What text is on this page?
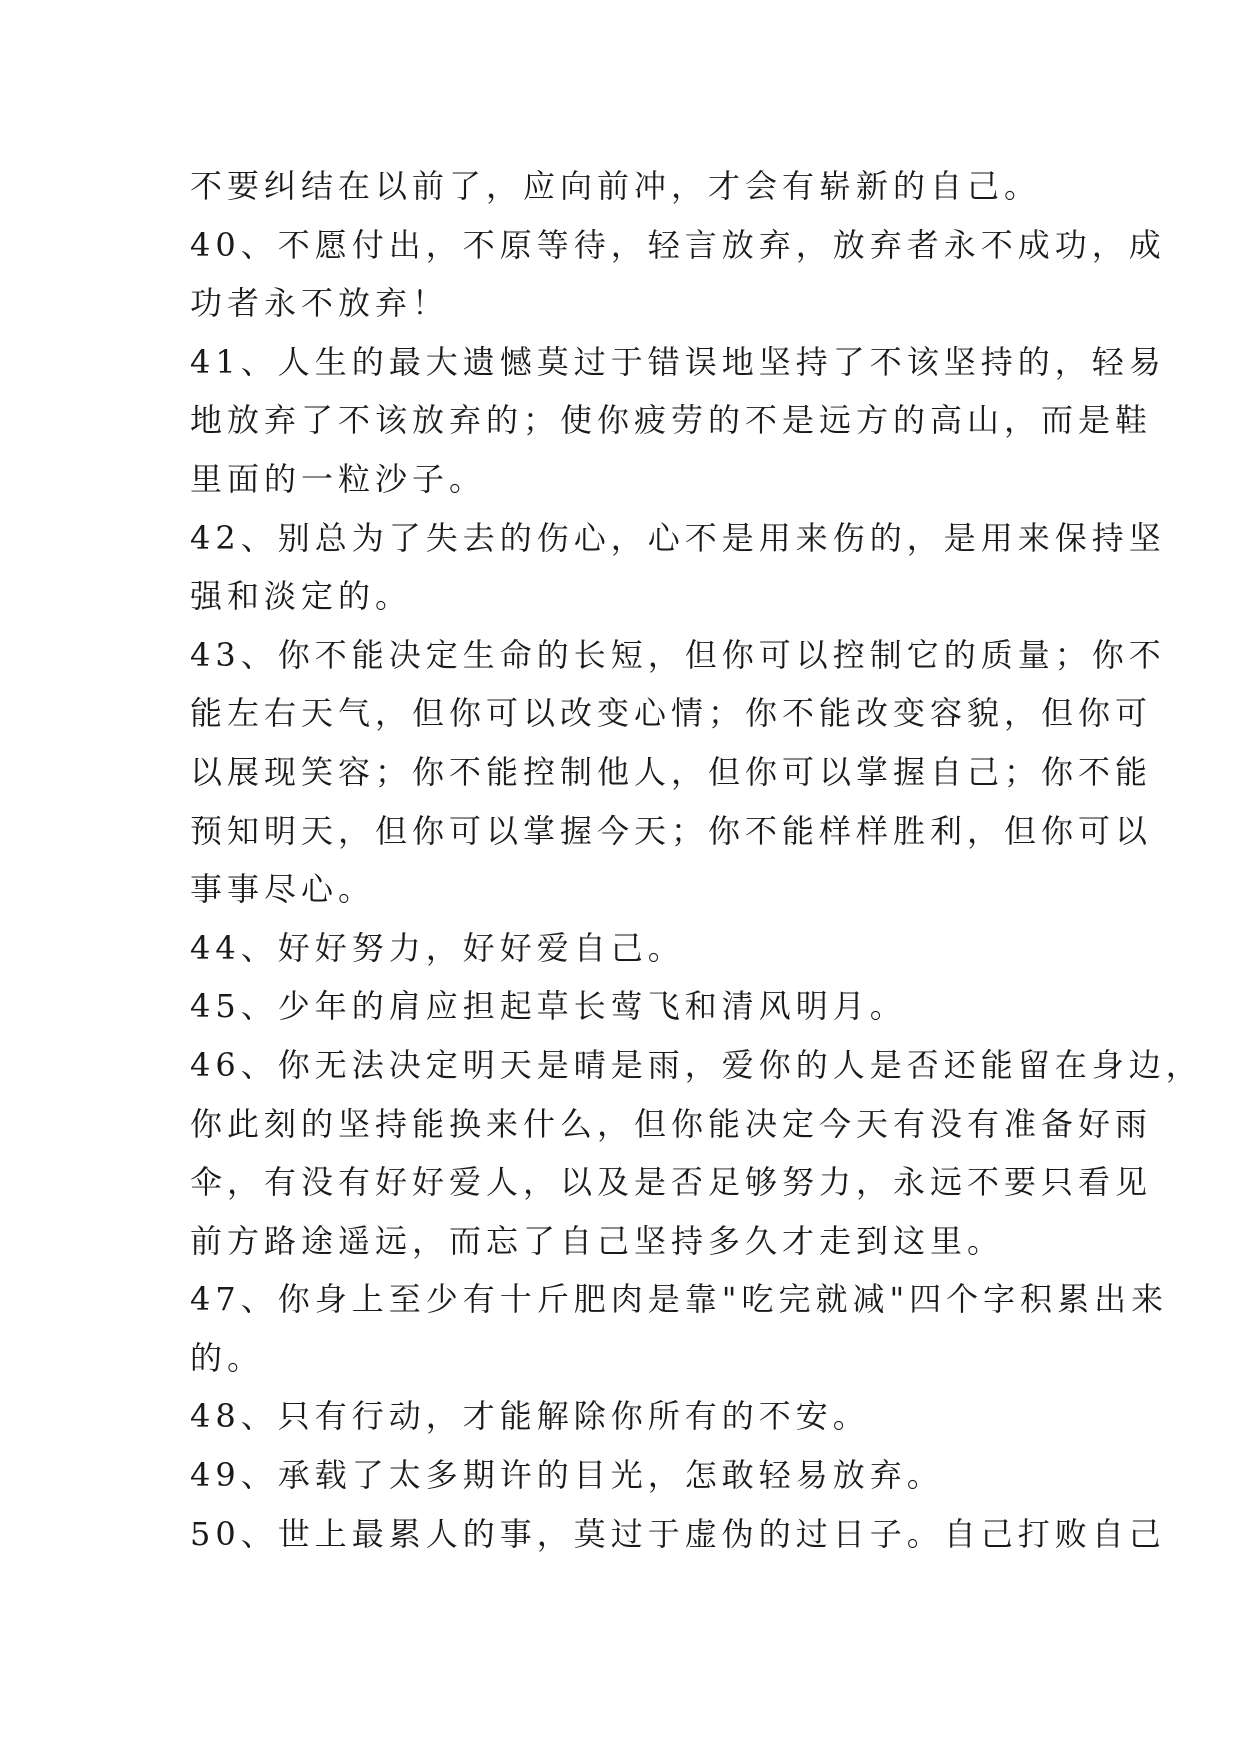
不要纠结在以前了，应向前冲，才会有崭新的自己。
40、不愿付出，不原等待，轻言放弃，放弃者永不成功，成
功者永不放弃！
41、人生的最大遗憾莫过于错误地坚持了不该坚持的，轻易
地放弃了不该放弃的；使你疲劳的不是远方的高山，而是鞋
里面的一粒沙子。
42、别总为了失去的伤心，心不是用来伤的，是用来保持坚
强和淡定的。
43、你不能决定生命的长短，但你可以控制它的质量；你不
能左右天气，但你可以改变心情；你不能改变容貌，但你可
以展现笑容；你不能控制他人，但你可以掌握自己；你不能
预知明天，但你可以掌握今天；你不能样样胜利，但你可以
事事尽心。
44、好好努力，好好爱自己。
45、少年的肩应担起草长莺飞和清风明月。
46、你无法决定明天是晴是雨，爱你的人是否还能留在身边，
你此刻的坚持能换来什么，但你能决定今天有没有准备好雨
伞，有没有好好爱人，以及是否足够努力，永远不要只看见
前方路途遥远，而忘了自己坚持多久才走到这里。
47、你身上至少有十斤肥肉是靠"吃完就减"四个字积累出来
的。
48、只有行动，才能解除你所有的不安。
49、承载了太多期许的目光，怎敢轻易放弃。
50、世上最累人的事，莫过于虚伪的过日子。自己打败自己
